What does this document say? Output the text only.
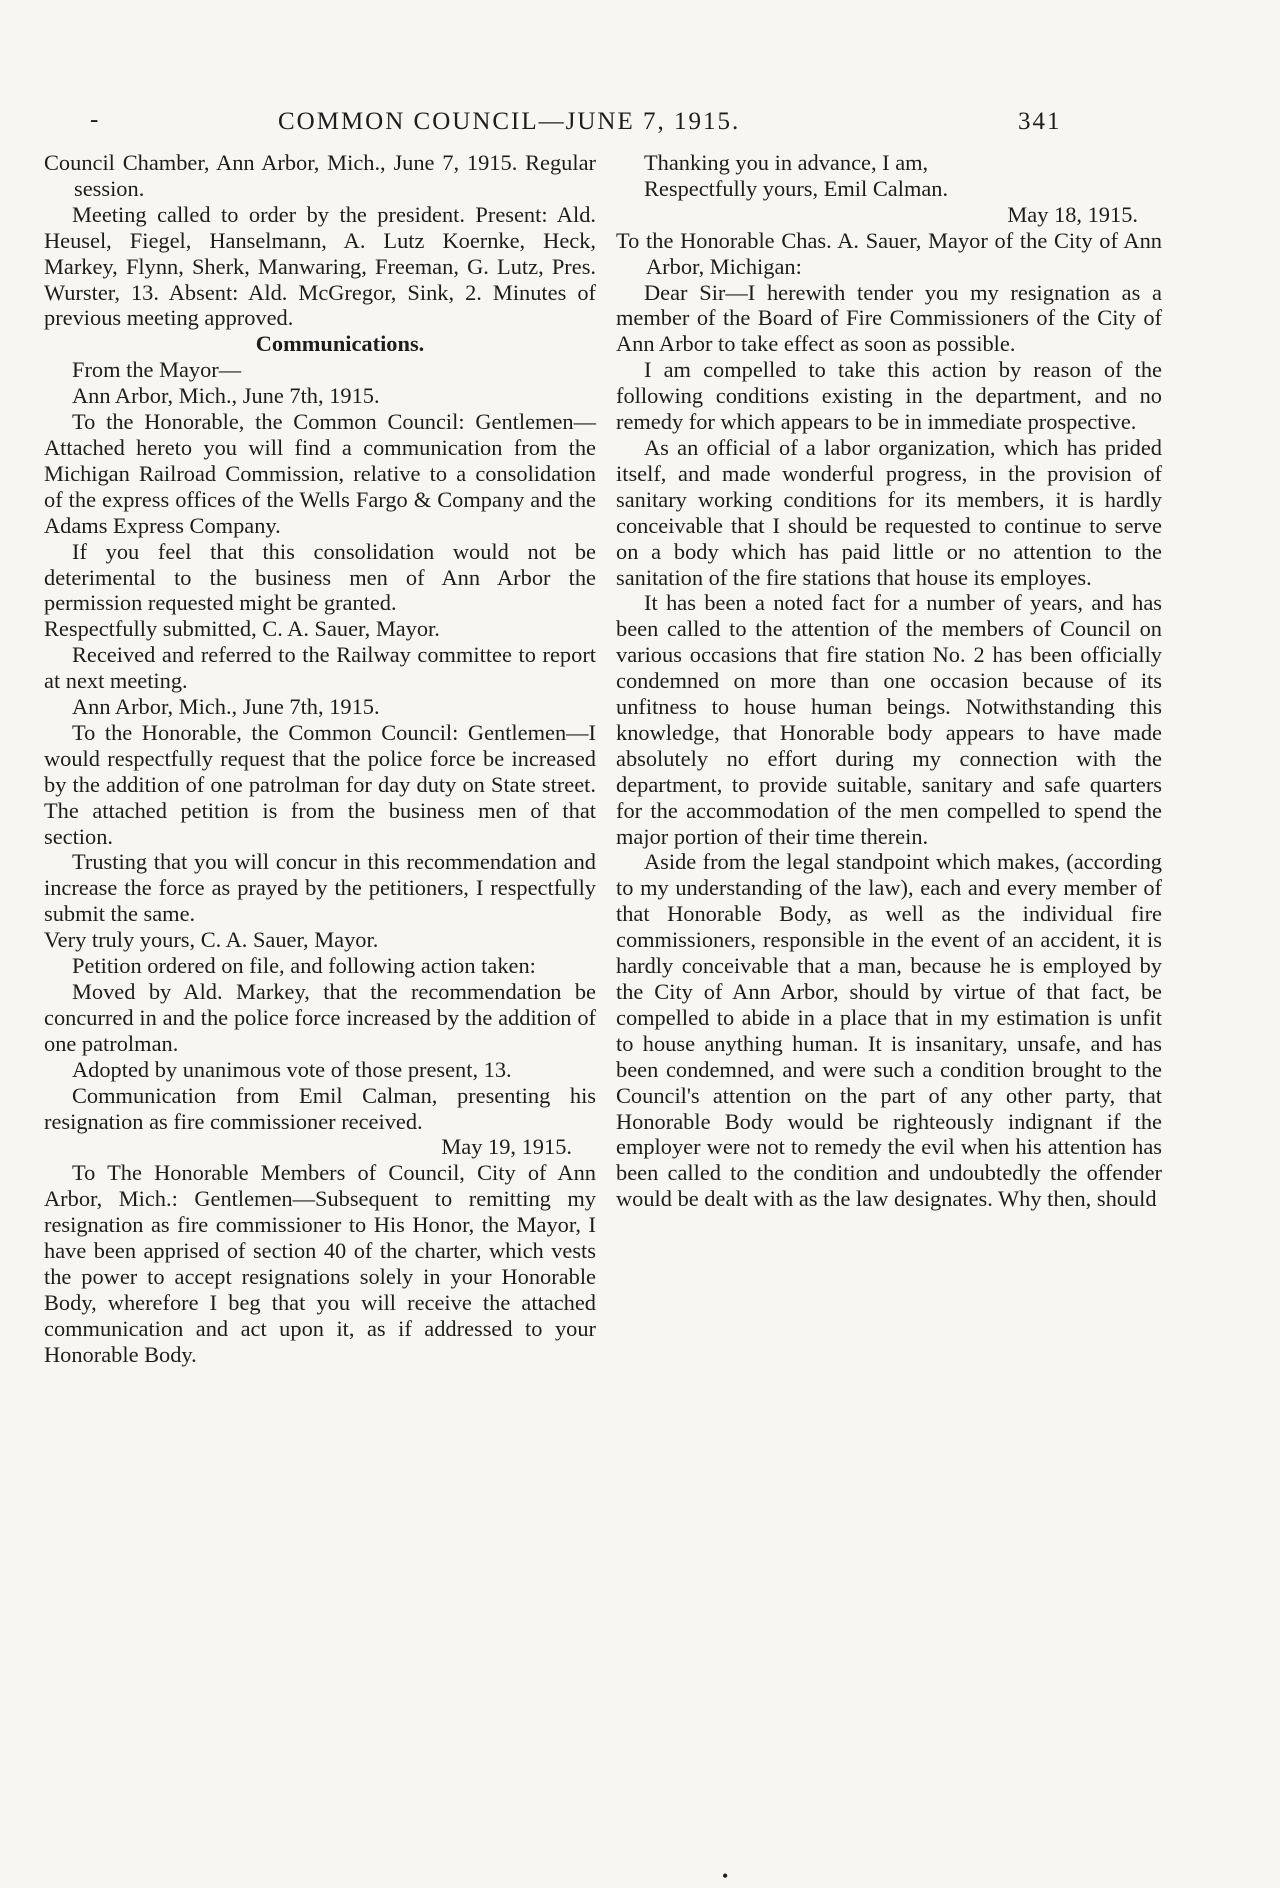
-	COMMON COUNCIL—JUNE 7, 1915.	341

Council Chamber, Ann Arbor, Mich., June 7, 1915. Regular session.

Meeting called to order by the president. Present: Ald. Heusel, Fiegel, Hanselmann, A. Lutz Koernke, Heck, Markey, Flynn, Sherk, Manwaring, Freeman, G. Lutz, Pres. Wurster, 13. Absent: Ald. McGregor, Sink, 2. Minutes of previous meeting approved.

Communications.

From the Mayor—

Ann Arbor, Mich., June 7th, 1915.

To the Honorable, the Common Council: Gentlemen—Attached hereto you will find a communication from the Michigan Railroad Commission, relative to a consolidation of the express offices of the Wells Fargo & Company and the Adams Express Company.

If you feel that this consolidation would not be deterimental to the business men of Ann Arbor the permission requested might be granted.

Respectfully submitted, C. A. Sauer, Mayor.

Received and referred to the Railway committee to report at next meeting.

Ann Arbor, Mich., June 7th, 1915.

To the Honorable, the Common Council: Gentlemen—I would respectfully request that the police force be increased by the addition of one patrolman for day duty on State street. The attached petition is from the business men of that section.

Trusting that you will concur in this recommendation and increase the force as prayed by the petitioners, I respectfully submit the same.

Very truly yours, C. A. Sauer, Mayor.

Petition ordered on file, and following action taken:

Moved by Ald. Markey, that the recommendation be concurred in and the police force increased by the addition of one patrolman.

Adopted by unanimous vote of those present, 13.

Communication from Emil Calman, presenting his resignation as fire commissioner received.

May 19, 1915.

To The Honorable Members of Council, City of Ann Arbor, Mich.: Gentlemen—Subsequent to remitting my resignation as fire commissioner to His Honor, the Mayor, I have been apprised of section 40 of the charter, which vests the power to accept resignations solely in your Honorable Body, wherefore I beg that you will receive the attached communication and act upon it, as if addressed to your Honorable Body.

Thanking you in advance, I am,

Respectfully yours, Emil Calman.

May 18, 1915.

To the Honorable Chas. A. Sauer, Mayor of the City of Ann Arbor, Michigan:

Dear Sir—I herewith tender you my resignation as a member of the Board of Fire Commissioners of the City of Ann Arbor to take effect as soon as possible.

I am compelled to take this action by reason of the following conditions existing in the department, and no remedy for which appears to be in immediate prospective.

As an official of a labor organization, which has prided itself, and made wonderful progress, in the provision of sanitary working conditions for its members, it is hardly conceivable that I should be requested to continue to serve on a body which has paid little or no attention to the sanitation of the fire stations that house its employes.

It has been a noted fact for a number of years, and has been called to the attention of the members of Council on various occasions that fire station No. 2 has been officially condemned on more than one occasion because of its unfitness to house human beings. Notwithstanding this knowledge, that Honorable body appears to have made absolutely no effort during my connection with the department, to provide suitable, sanitary and safe quarters for the accommodation of the men compelled to spend the major portion of their time therein.

Aside from the legal standpoint which makes, (according to my understanding of the law), each and every member of that Honorable Body, as well as the individual fire commissioners, responsible in the event of an accident, it is hardly conceivable that a man, because he is employed by the City of Ann Arbor, should by virtue of that fact, be compelled to abide in a place that in my estimation is unfit to house anything human. It is insanitary, unsafe, and has been condemned, and were such a condition brought to the Council's attention on the part of any other party, that Honorable Body would be righteously indignant if the employer were not to remedy the evil when his attention has been called to the condition and undoubtedly the offender would be dealt with as the law designates. Why then, should

•
